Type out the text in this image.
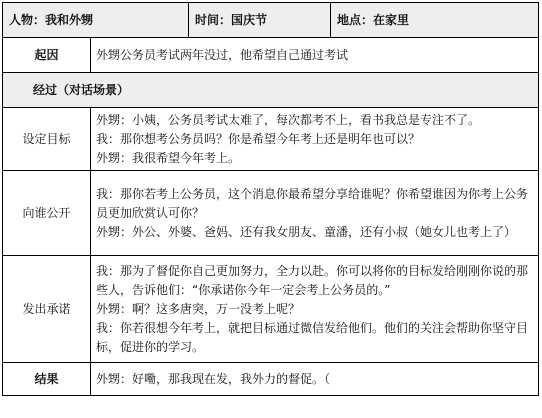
人物：我和外甥		时间：国庆节	地点：在家里
起因	外甥公务员考试两年没过，他希望自己通过考试		
经过（对话场景）			
设定目标	外甥：小姨，公务员考试太难了，每次都考不上，看书我总是专注不了。
我：那你想考公务员吗？你是希望今年考上还是明年也可以？
外甥：我很希望今年考上。		

向谁公开	我：那你若考上公务员，这个消息你最希望分享给谁呢？你希望谁因为你考上公务员更加欣赏认可你？
外甥：外公、外婆、爸妈、还有我女朋友、童潘，还有小叔（她女儿也考上了）		

发出承诺	我：那为了督促你自己更加努力，全力以赴。你可以将你的目标发给刚刚你说的那些人，告诉他们：“你承诺你今年一定会考上公务员的。”
外甥：啊？这多唐突，万一没考上呢？
我：你若很想今年考上，就把目标通过微信发给他们。他们的关注会帮助你坚守目标，促进你的学习。		

结果	外甥：好嘞，那我现在发，我外力的督促。（		
